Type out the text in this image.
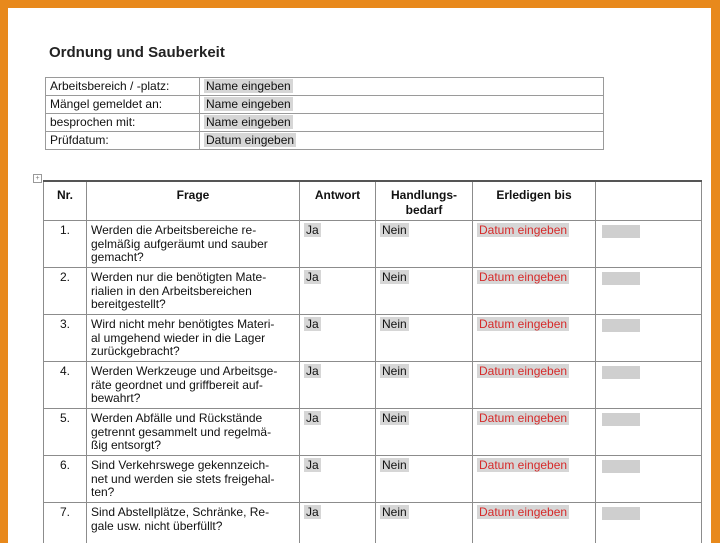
Ordnung und Sauberkeit
Arbeitsbereich / -platz:	Name eingeben
Mängel gemeldet an:	Name eingeben
besprochen mit:	Name eingeben
Prüfdatum:	Datum eingeben
+
Nr.	Frage	Antwort	Handlungs-
bedarf	Erledigen bis	
1.	Werden die Arbeitsbereiche re-
gelmäßig aufgeräumt und sauber
gemacht?	Ja	Nein	Datum eingeben	
2.	Werden nur die benötigten Mate-
rialien in den Arbeitsbereichen
bereitgestellt?	Ja	Nein	Datum eingeben	
3.	Wird nicht mehr benötigtes Materi-
al umgehend wieder in die Lager
zurückgebracht?	Ja	Nein	Datum eingeben	
4.	Werden Werkzeuge und Arbeitsge-
räte geordnet und griffbereit auf-
bewahrt?	Ja	Nein	Datum eingeben	
5.	Werden Abfälle und Rückstände
getrennt gesammelt und regelmä-
ßig entsorgt?	Ja	Nein	Datum eingeben	
6.	Sind Verkehrswege gekennzeich-
net und werden sie stets freigehal-
ten?	Ja	Nein	Datum eingeben	
7.	Sind Abstellplätze, Schränke, Re-
gale usw. nicht überfüllt?	Ja	Nein	Datum eingeben	
